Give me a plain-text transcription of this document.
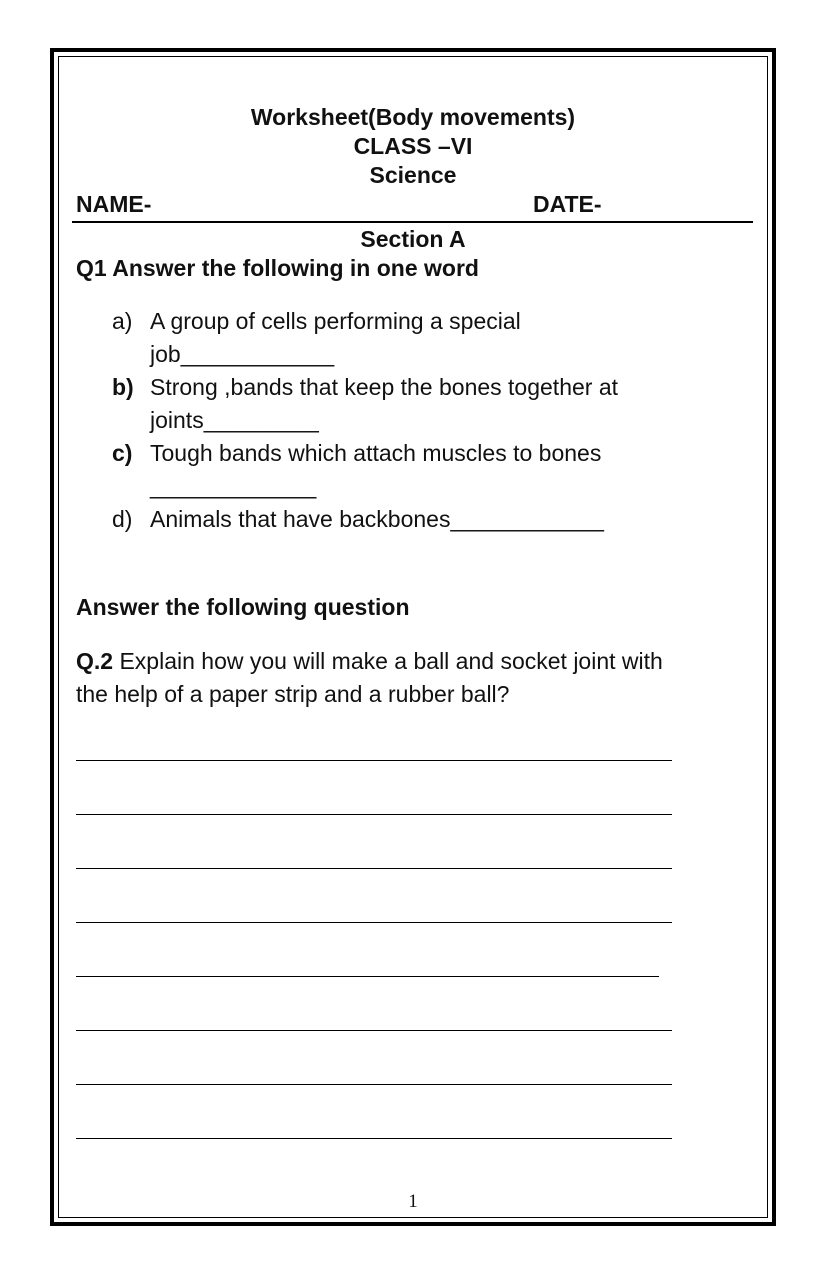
Worksheet(Body movements)
CLASS –VI
Science
NAME-	DATE-
Section A
Q1 Answer the following in one word
a) A group of cells performing a special
job____________
b) Strong ,bands that keep the bones together at
joints_________
c) Tough bands which attach muscles to bones
_____________
d) Animals that have backbones____________
Answer the following question
Q.2 Explain how you will make a ball and socket joint with
the help of a paper strip and a rubber ball?
1
